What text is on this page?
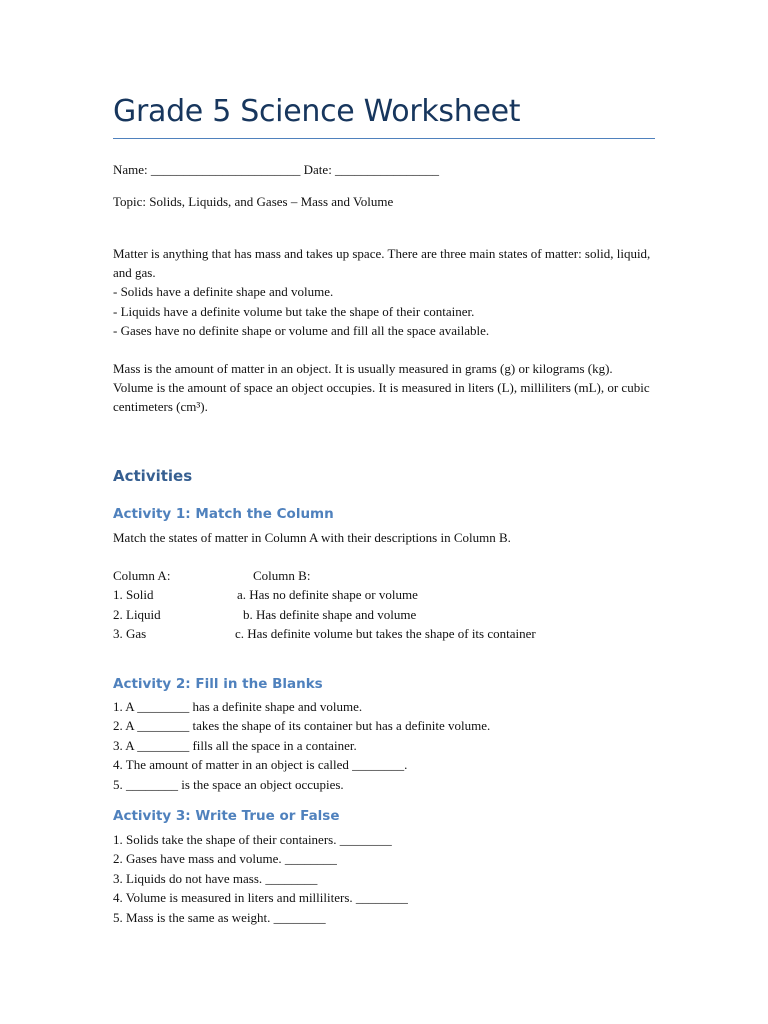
Grade 5 Science Worksheet
Name: _______________________ Date: ________________
Topic: Solids, Liquids, and Gases – Mass and Volume
Matter is anything that has mass and takes up space. There are three main states of matter: solid, liquid, and gas.
- Solids have a definite shape and volume.
- Liquids have a definite volume but take the shape of their container.
- Gases have no definite shape or volume and fill all the space available.
Mass is the amount of matter in an object. It is usually measured in grams (g) or kilograms (kg).
Volume is the amount of space an object occupies. It is measured in liters (L), milliliters (mL), or cubic centimeters (cm³).
Activities
Activity 1: Match the Column
Match the states of matter in Column A with their descriptions in Column B.
Column A:
1. Solid
2. Liquid
3. Gas
Column B:
a. Has no definite shape or volume
b. Has definite shape and volume
c. Has definite volume but takes the shape of its container
Activity 2: Fill in the Blanks
1. A ________ has a definite shape and volume.
2. A ________ takes the shape of its container but has a definite volume.
3. A ________ fills all the space in a container.
4. The amount of matter in an object is called ________.
5. ________ is the space an object occupies.
Activity 3: Write True or False
1. Solids take the shape of their containers. ________
2. Gases have mass and volume. ________
3. Liquids do not have mass. ________
4. Volume is measured in liters and milliliters. ________
5. Mass is the same as weight. ________
